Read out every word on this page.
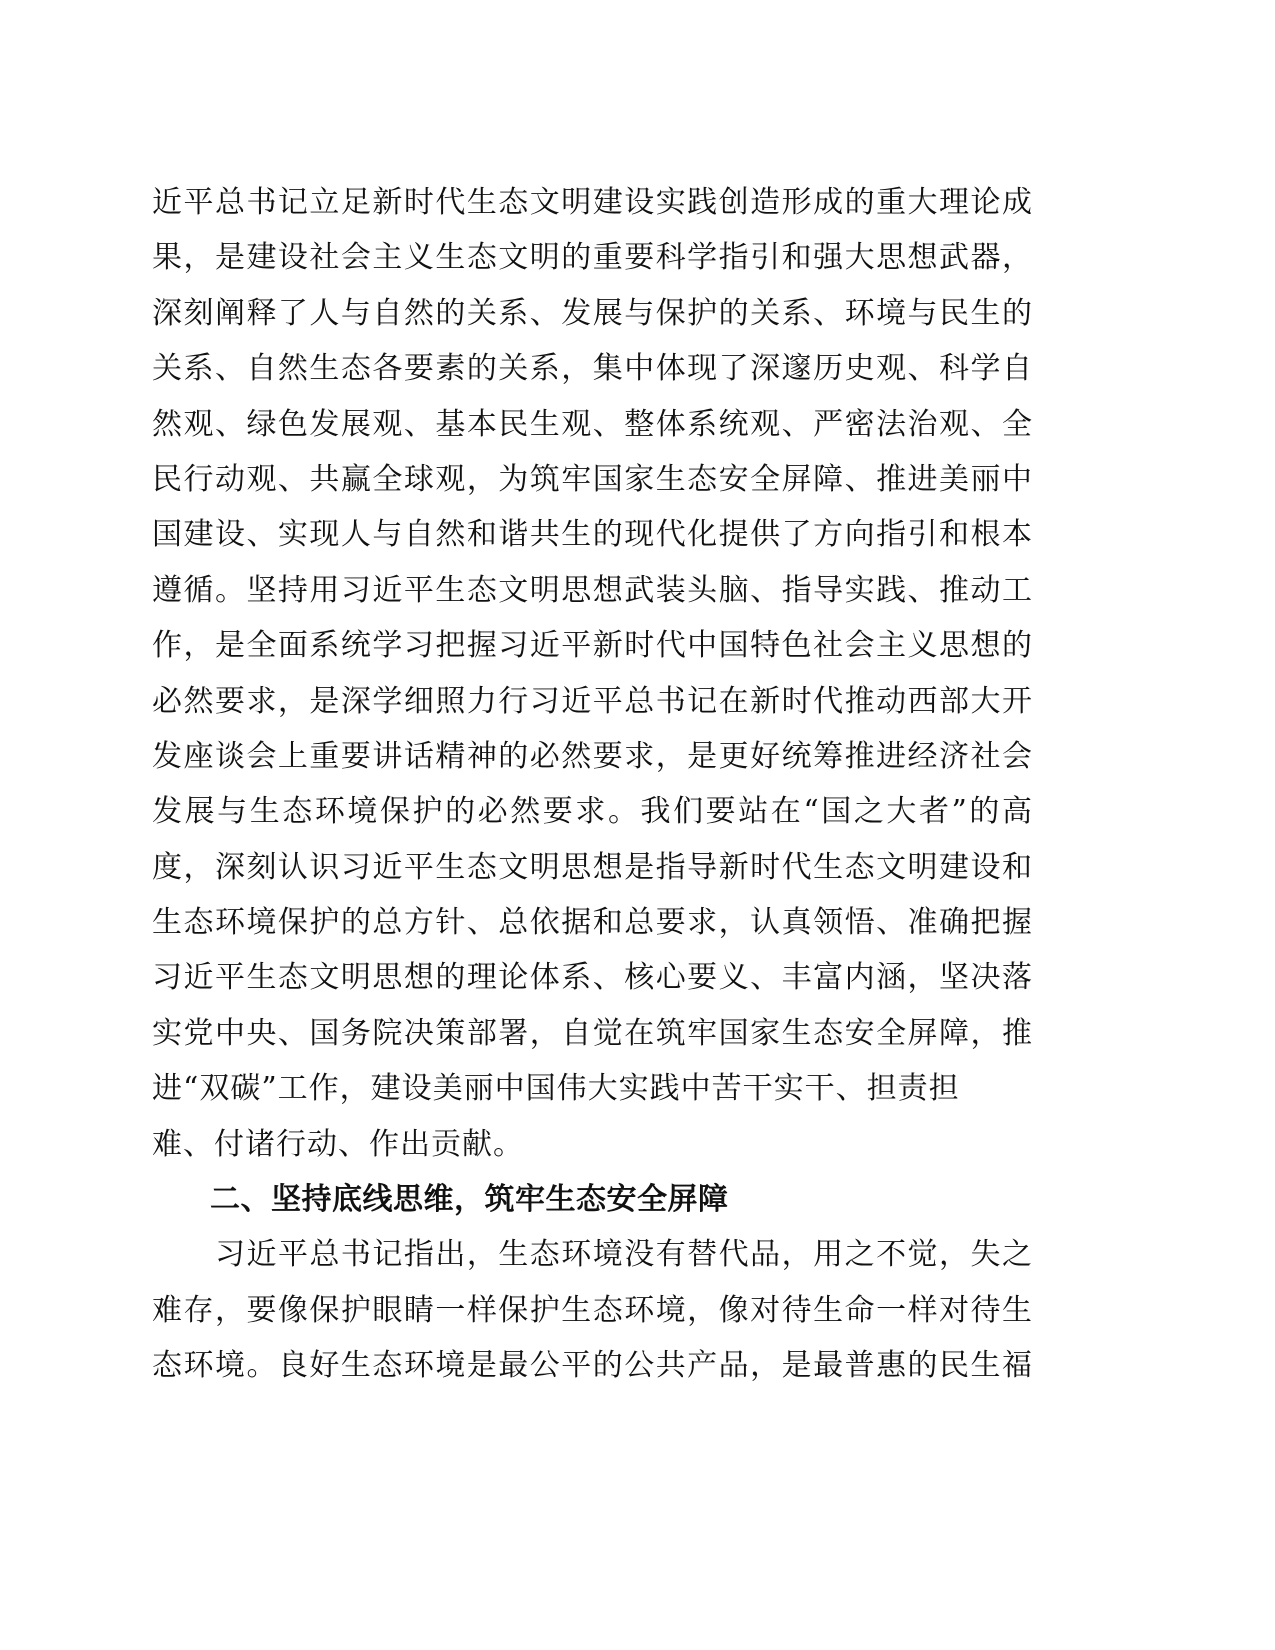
近平总书记立足新时代生态文明建设实践创造形成的重大理论成
果，是建设社会主义生态文明的重要科学指引和强大思想武器，
深刻阐释了人与自然的关系、发展与保护的关系、环境与民生的
关系、自然生态各要素的关系，集中体现了深邃历史观、科学自
然观、绿色发展观、基本民生观、整体系统观、严密法治观、全
民行动观、共赢全球观，为筑牢国家生态安全屏障、推进美丽中
国建设、实现人与自然和谐共生的现代化提供了方向指引和根本
遵循。坚持用习近平生态文明思想武装头脑、指导实践、推动工
作，是全面系统学习把握习近平新时代中国特色社会主义思想的
必然要求，是深学细照力行习近平总书记在新时代推动西部大开
发座谈会上重要讲话精神的必然要求，是更好统筹推进经济社会
发展与生态环境保护的必然要求。我们要站在“国之大者”的高
度，深刻认识习近平生态文明思想是指导新时代生态文明建设和
生态环境保护的总方针、总依据和总要求，认真领悟、准确把握
习近平生态文明思想的理论体系、核心要义、丰富内涵，坚决落
实党中央、国务院决策部署，自觉在筑牢国家生态安全屏障，推
进“双碳”工作，建设美丽中国伟大实践中苦干实干、担责担
难、付诸行动、作出贡献。
二、坚持底线思维，筑牢生态安全屏障
习近平总书记指出，生态环境没有替代品，用之不觉，失之
难存，要像保护眼睛一样保护生态环境，像对待生命一样对待生
态环境。良好生态环境是最公平的公共产品，是最普惠的民生福
